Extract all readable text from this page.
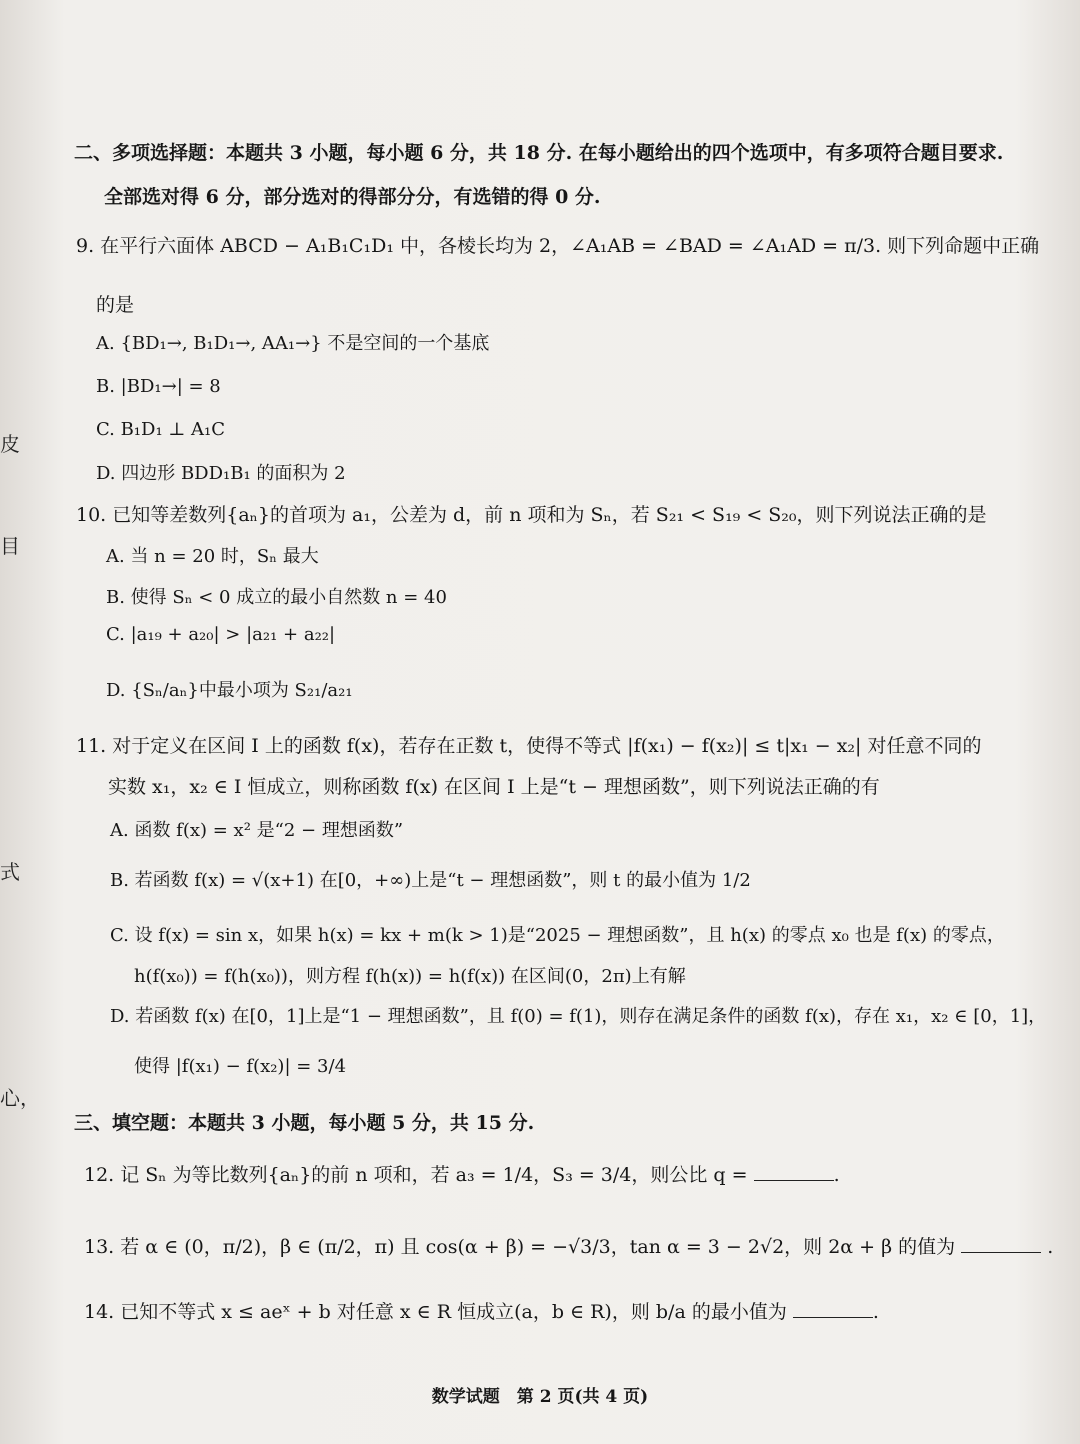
皮
目
式
心，
二、多项选择题：本题共 3 小题，每小题 6 分，共 18 分. 在每小题给出的四个选项中，有多项符合题目要求.
全部选对得 6 分，部分选对的得部分分，有选错的得 0 分.
9. 在平行六面体 ABCD − A₁B₁C₁D₁ 中，各棱长均为 2，∠A₁AB = ∠BAD = ∠A₁AD = π/3. 则下列命题中正确
的是
A. {BD₁→, B₁D₁→, AA₁→} 不是空间的一个基底
B. |BD₁→| = 8
C. B₁D₁ ⊥ A₁C
D. 四边形 BDD₁B₁ 的面积为 2
10. 已知等差数列{aₙ}的首项为 a₁，公差为 d，前 n 项和为 Sₙ，若 S₂₁ < S₁₉ < S₂₀，则下列说法正确的是
A. 当 n = 20 时，Sₙ 最大
B. 使得 Sₙ < 0 成立的最小自然数 n = 40
C. |a₁₉ + a₂₀| > |a₂₁ + a₂₂|
D. {Sₙ/aₙ}中最小项为 S₂₁/a₂₁
11. 对于定义在区间 I 上的函数 f(x)，若存在正数 t，使得不等式 |f(x₁) − f(x₂)| ≤ t|x₁ − x₂| 对任意不同的
实数 x₁，x₂ ∈ I 恒成立，则称函数 f(x) 在区间 I 上是“t − 理想函数”，则下列说法正确的有
A. 函数 f(x) = x² 是“2 − 理想函数”
B. 若函数 f(x) = √(x+1) 在[0，+∞)上是“t − 理想函数”，则 t 的最小值为 1/2
C. 设 f(x) = sin x，如果 h(x) = kx + m(k > 1)是“2025 − 理想函数”，且 h(x) 的零点 x₀ 也是 f(x) 的零点，
h(f(x₀)) = f(h(x₀))，则方程 f(h(x)) = h(f(x)) 在区间(0，2π)上有解
D. 若函数 f(x) 在[0，1]上是“1 − 理想函数”，且 f(0) = f(1)，则存在满足条件的函数 f(x)，存在 x₁，x₂ ∈ [0，1]，
使得 |f(x₁) − f(x₂)| = 3/4
三、填空题：本题共 3 小题，每小题 5 分，共 15 分.
12. 记 Sₙ 为等比数列{aₙ}的前 n 项和，若 a₃ = 1/4，S₃ = 3/4，则公比 q =	.
13. 若 α ∈ (0，π/2)，β ∈ (π/2，π) 且 cos(α + β) = −√3/3，tan α = 3 − 2√2，则 2α + β 的值为	.
14. 已知不等式 x ≤ aeˣ + b 对任意 x ∈ R 恒成立(a，b ∈ R)，则 b/a 的最小值为	.
数学试题　第 2 页(共 4 页)
